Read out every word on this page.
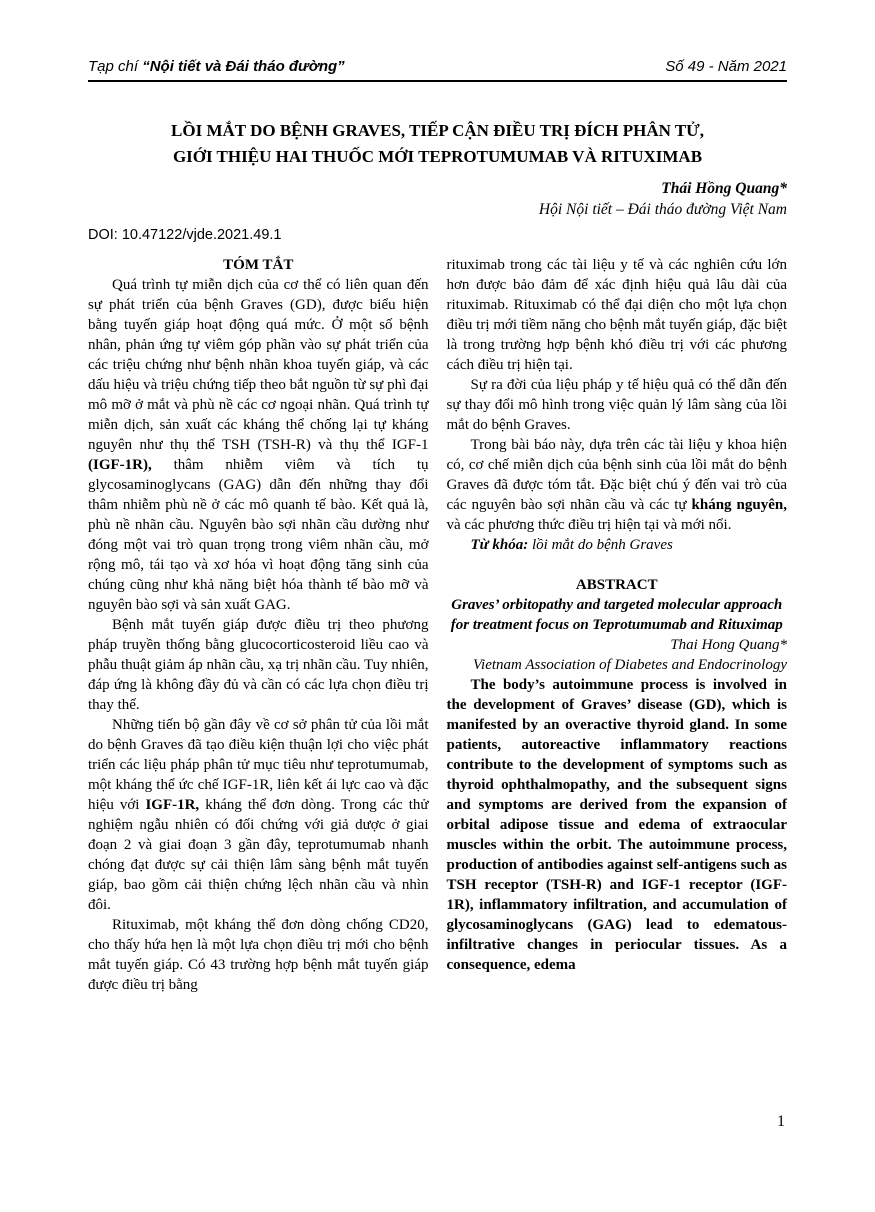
Tạp chí “Nội tiết và Đái tháo đường”	Số 49 - Năm 2021
LỒI MẮT DO BỆNH GRAVES, TIẾP CẬN ĐIỀU TRỊ ĐÍCH PHÂN TỬ,
GIỚI THIỆU HAI THUỐC MỚI TEPROTUMUMAB VÀ RITUXIMAB
Thái Hồng Quang*
Hội Nội tiết – Đái tháo đường Việt Nam
DOI: 10.47122/vjde.2021.49.1
TÓM TẮT

Quá trình tự miễn dịch của cơ thể có liên quan đến sự phát triển của bệnh Graves (GD), được biểu hiện bằng tuyến giáp hoạt động quá mức. Ở một số bệnh nhân, phản ứng tự viêm góp phần vào sự phát triển của các triệu chứng như bệnh nhãn khoa tuyến giáp, và các dấu hiệu và triệu chứng tiếp theo bắt nguồn từ sự phì đại mô mỡ ở mắt và phù nề các cơ ngoại nhãn. Quá trình tự miễn dịch, sản xuất các kháng thể chống lại tự kháng nguyên như thụ thể TSH (TSH-R) và thụ thể IGF-1 (IGF-1R), thâm nhiễm viêm và tích tụ glycosaminoglycans (GAG) dẫn đến những thay đổi thâm nhiễm phù nề ở các mô quanh tế bào. Kết quả là, phù nề nhãn cầu. Nguyên bào sợi nhãn cầu dường như đóng một vai trò quan trọng trong viêm nhãn cầu, mở rộng mô, tái tạo và xơ hóa vì hoạt động tăng sinh của chúng cũng như khả năng biệt hóa thành tế bào mỡ và nguyên bào sợi và sản xuất GAG.

Bệnh mắt tuyến giáp được điều trị theo phương pháp truyền thống bằng glucocorticosteroid liều cao và phẫu thuật giảm áp nhãn cầu, xạ trị nhãn cầu. Tuy nhiên, đáp ứng là không đầy đủ và cần có các lựa chọn điều trị thay thế.

Những tiến bộ gần đây về cơ sở phân tử của lồi mắt do bệnh Graves đã tạo điều kiện thuận lợi cho việc phát triển các liệu pháp phân tử mục tiêu như teprotumumab, một kháng thể ức chế IGF-1R, liên kết ái lực cao và đặc hiệu với IGF-1R, kháng thể đơn dòng. Trong các thử nghiệm ngẫu nhiên có đối chứng với giả dược ở giai đoạn 2 và giai đoạn 3 gần đây, teprotumumab nhanh chóng đạt được sự cải thiện lâm sàng bệnh mắt tuyến giáp, bao gồm cải thiện chứng lệch nhãn cầu và nhìn đôi.

Rituximab, một kháng thể đơn dòng chống CD20, cho thấy hứa hẹn là một lựa chọn điều trị mới cho bệnh mắt tuyến giáp. Có 43 trường hợp bệnh mắt tuyến giáp được điều trị bằng

rituximab trong các tài liệu y tế và các nghiên cứu lớn hơn được bảo đảm để xác định hiệu quả lâu dài của rituximab. Rituximab có thể đại diện cho một lựa chọn điều trị mới tiềm năng cho bệnh mắt tuyến giáp, đặc biệt là trong trường hợp bệnh khó điều trị với các phương cách điều trị hiện tại.

Sự ra đời của liệu pháp y tế hiệu quả có thể dẫn đến sự thay đổi mô hình trong việc quản lý lâm sàng của lồi mắt do bệnh Graves.

Trong bài báo này, dựa trên các tài liệu y khoa hiện có, cơ chế miễn dịch của bệnh sinh của lồi mắt do bệnh Graves đã được tóm tắt. Đặc biệt chú ý đến vai trò của các nguyên bào sợi nhãn cầu và các tự kháng nguyên, và các phương thức điều trị hiện tại và mới nổi.

Từ khóa: lồi mắt do bệnh Graves

ABSTRACT

Graves’ orbitopathy and targeted molecular approach for treatment focus on Teprotumumab and Rituximap

Thai Hong Quang*

Vietnam Association of Diabetes and Endocrinology

The body’s autoimmune process is involved in the development of Graves’ disease (GD), which is manifested by an overactive thyroid gland. In some patients, autoreactive inflammatory reactions contribute to the development of symptoms such as thyroid ophthalmopathy, and the subsequent signs and symptoms are derived from the expansion of orbital adipose tissue and edema of extraocular muscles within the orbit. The autoimmune process, production of antibodies against self-antigens such as TSH receptor (TSH-R) and IGF-1 receptor (IGF-1R), inflammatory infiltration, and accumulation of glycosaminoglycans (GAG) lead to edematous-infiltrative changes in periocular tissues. As a consequence, edema

1
